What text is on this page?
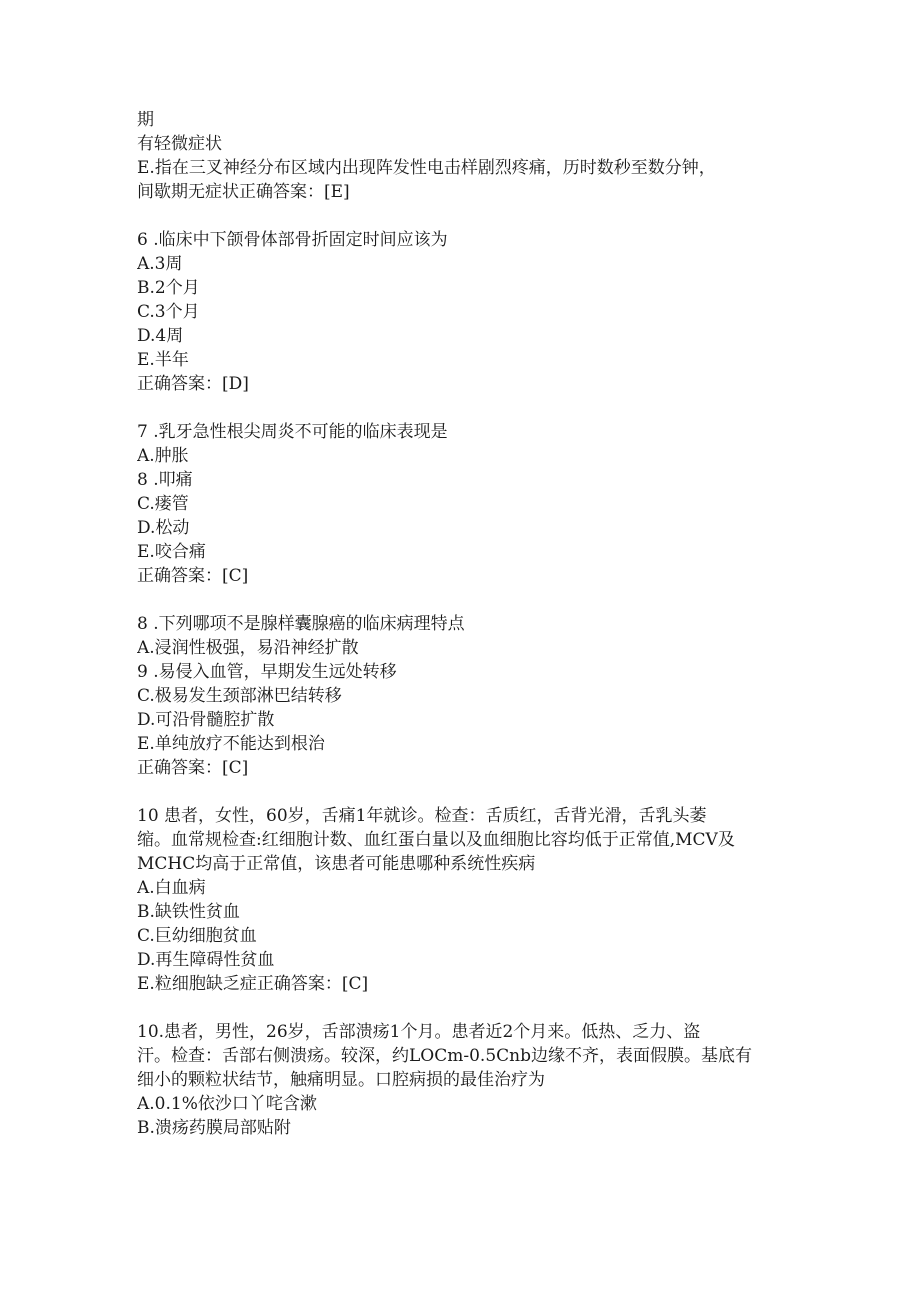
期
有轻微症状
E.指在三叉神经分布区域内出现阵发性电击样剧烈疼痛，历时数秒至数分钟，
间歇期无症状正确答案：[E]
6 .临床中下颌骨体部骨折固定时间应该为
A.3周
B.2个月
C.3个月
D.4周
E.半年
正确答案：[D]
7 .乳牙急性根尖周炎不可能的临床表现是
A.肿胀
8 .叩痛
C.瘘管
D.松动
E.咬合痛
正确答案：[C]
8 .下列哪项不是腺样囊腺癌的临床病理特点
A.浸润性极强，易沿神经扩散
9 .易侵入血管，早期发生远处转移
C.极易发生颈部淋巴结转移
D.可沿骨髓腔扩散
E.单纯放疗不能达到根治
正确答案：[C]
10 患者，女性，60岁，舌痛1年就诊。检查：舌质红，舌背光滑，舌乳头萎
缩。血常规检查:红细胞计数、血红蛋白量以及血细胞比容均低于正常值,MCV及
MCHC均高于正常值，该患者可能患哪种系统性疾病
A.白血病
B.缺铁性贫血
C.巨幼细胞贫血
D.再生障碍性贫血
E.粒细胞缺乏症正确答案：[C]
10.患者，男性，26岁，舌部溃疡1个月。患者近2个月来。低热、乏力、盗
汗。检查：舌部右侧溃疡。较深，约LOCm-0.5Cnb边缘不齐，表面假膜。基底有
细小的颗粒状结节，触痛明显。口腔病损的最佳治疗为
A.0.1%依沙口丫咤含漱
B.溃疡药膜局部贴附
